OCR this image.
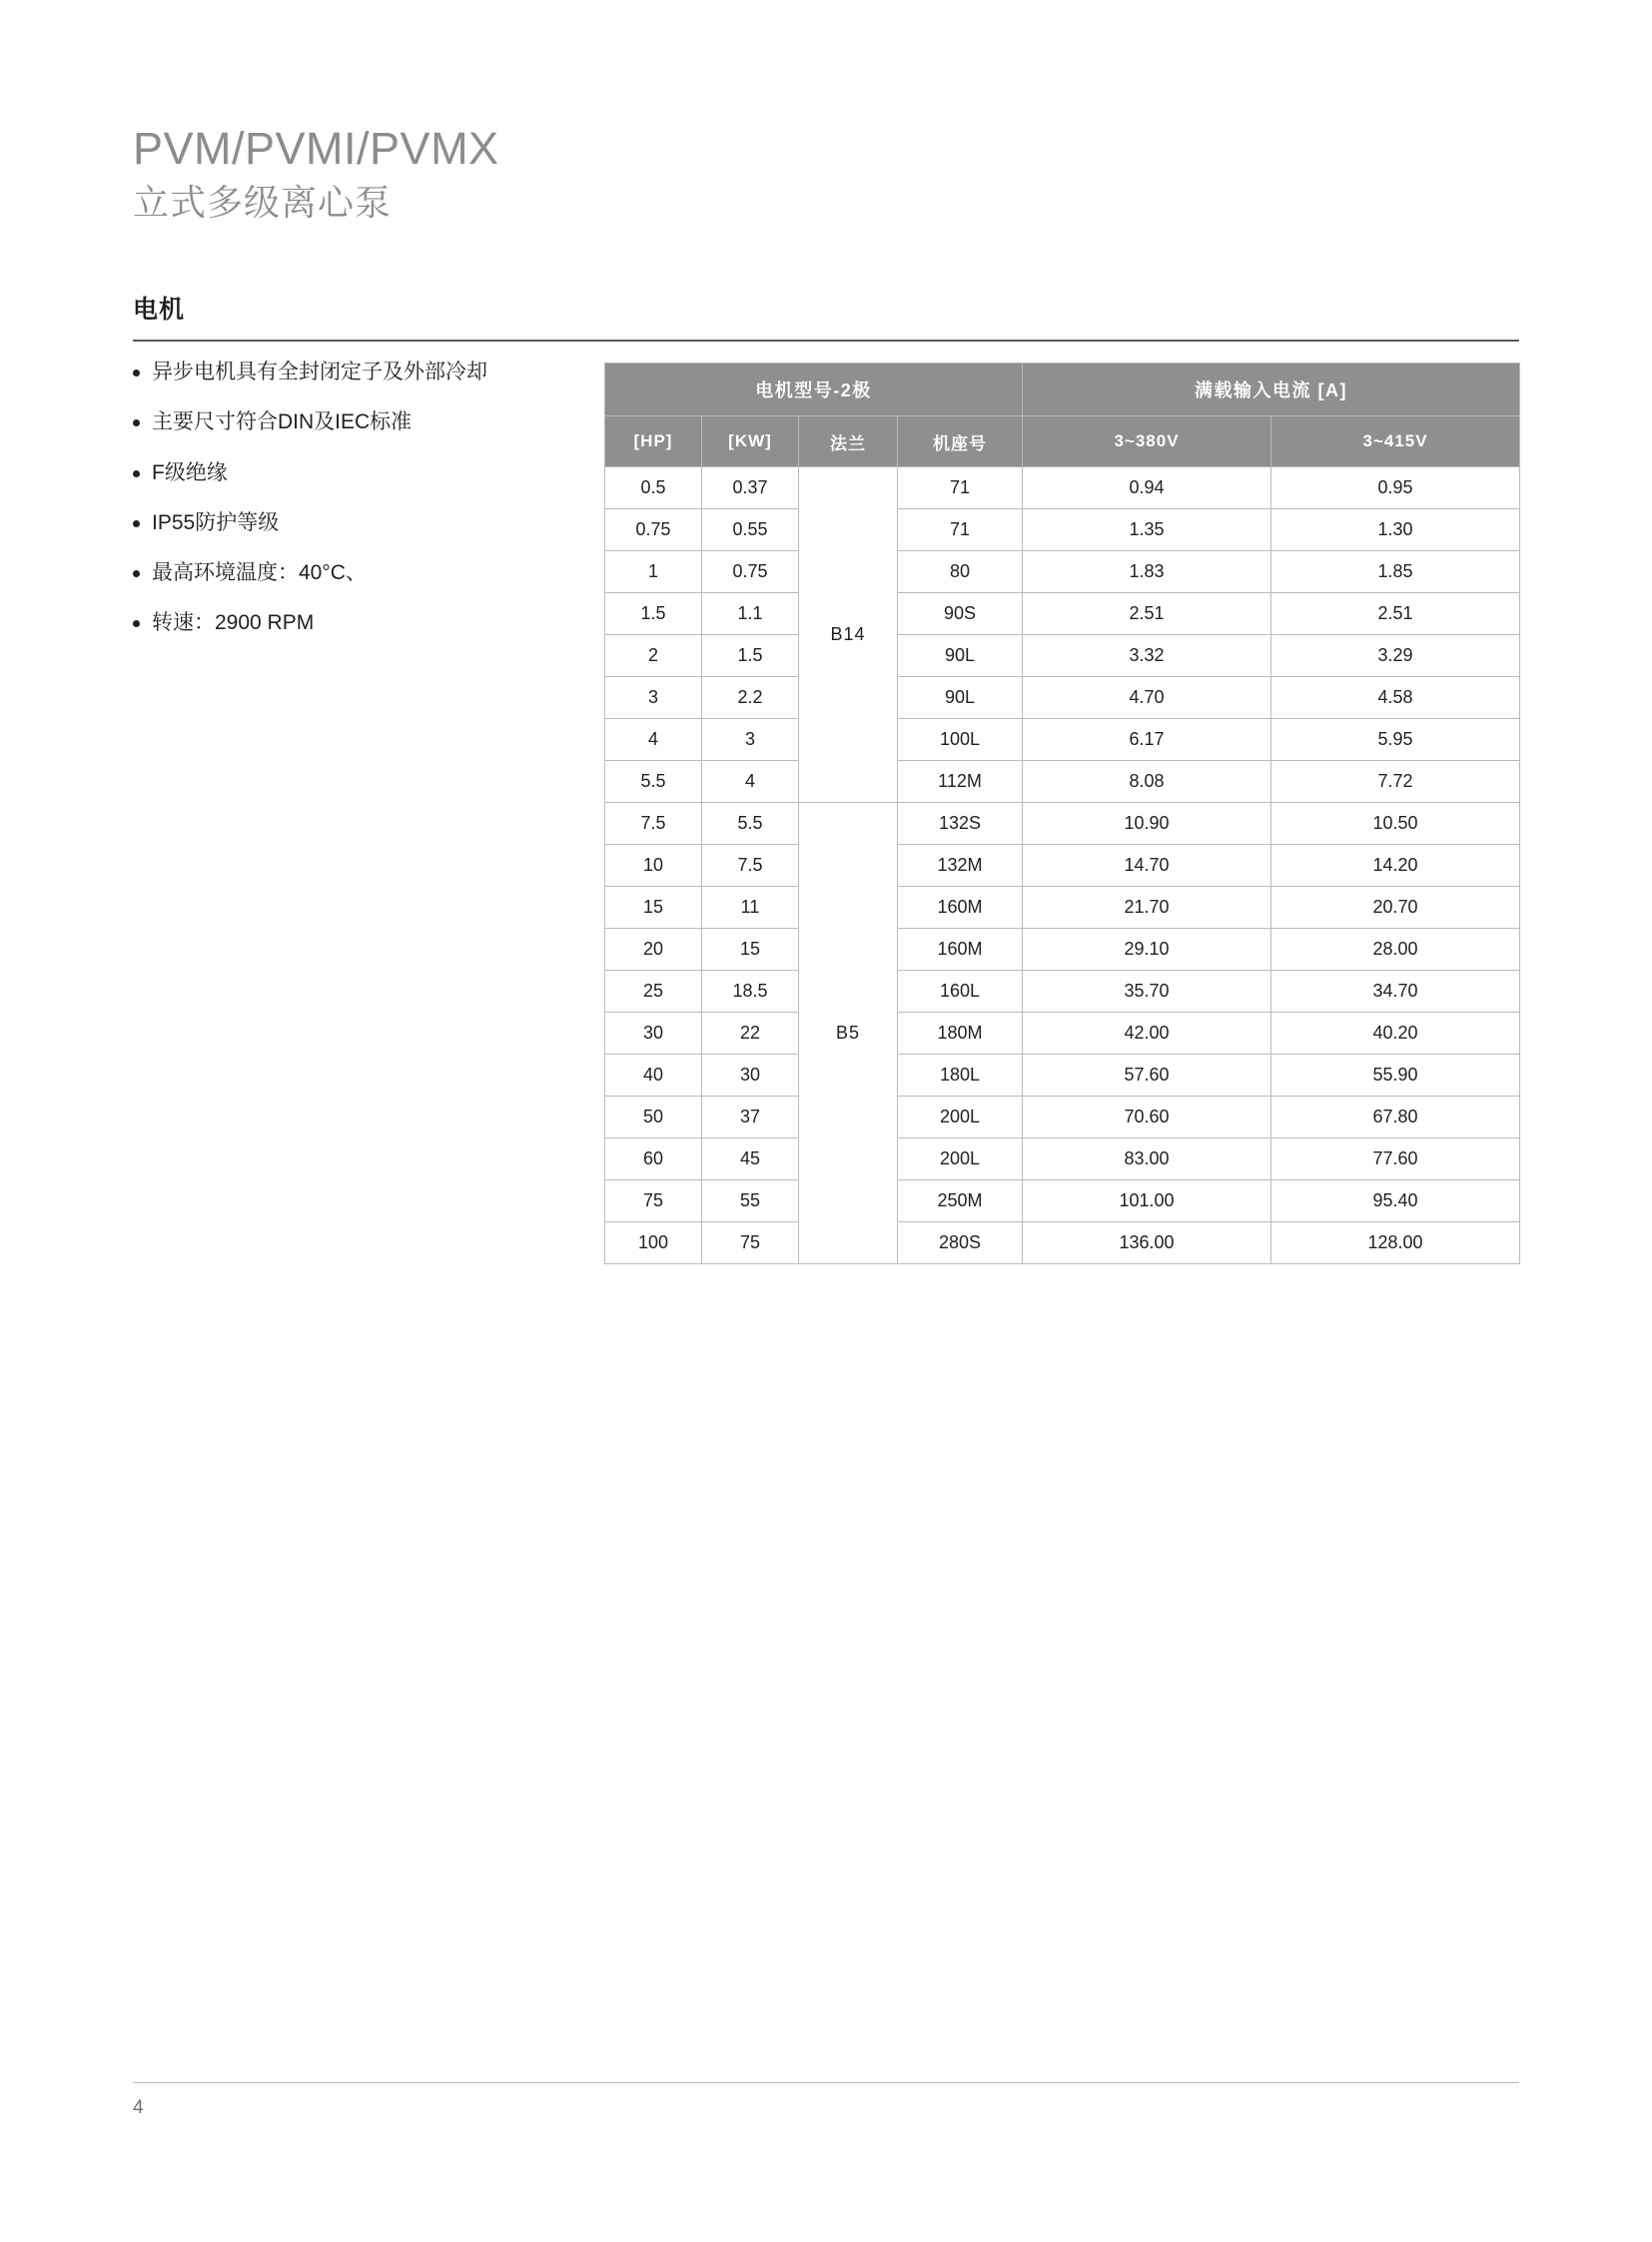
PVM/PVMI/PVMX
立式多级离心泵
电机
异步电机具有全封闭定子及外部冷却
主要尺寸符合DIN及IEC标准
F级绝缘
IP55防护等级
最高环境温度：40°C、
转速：2900 RPM
电机型号-2极				满载输入电流 [A]	
[HP]	[KW]	法兰	机座号	3~380V	3~415V
0.5	0.37	B14	71	0.94	0.95
0.75	0.55		71	1.35	1.30
1	0.75		80	1.83	1.85
1.5	1.1		90S	2.51	2.51
2	1.5		90L	3.32	3.29
3	2.2		90L	4.70	4.58
4	3		100L	6.17	5.95
5.5	4		112M	8.08	7.72
7.5	5.5	B5	132S	10.90	10.50
10	7.5		132M	14.70	14.20
15	11		160M	21.70	20.70
20	15		160M	29.10	28.00
25	18.5		160L	35.70	34.70
30	22		180M	42.00	40.20
40	30		180L	57.60	55.90
50	37		200L	70.60	67.80
60	45		200L	83.00	77.60
75	55		250M	101.00	95.40
100	75		280S	136.00	128.00
4
